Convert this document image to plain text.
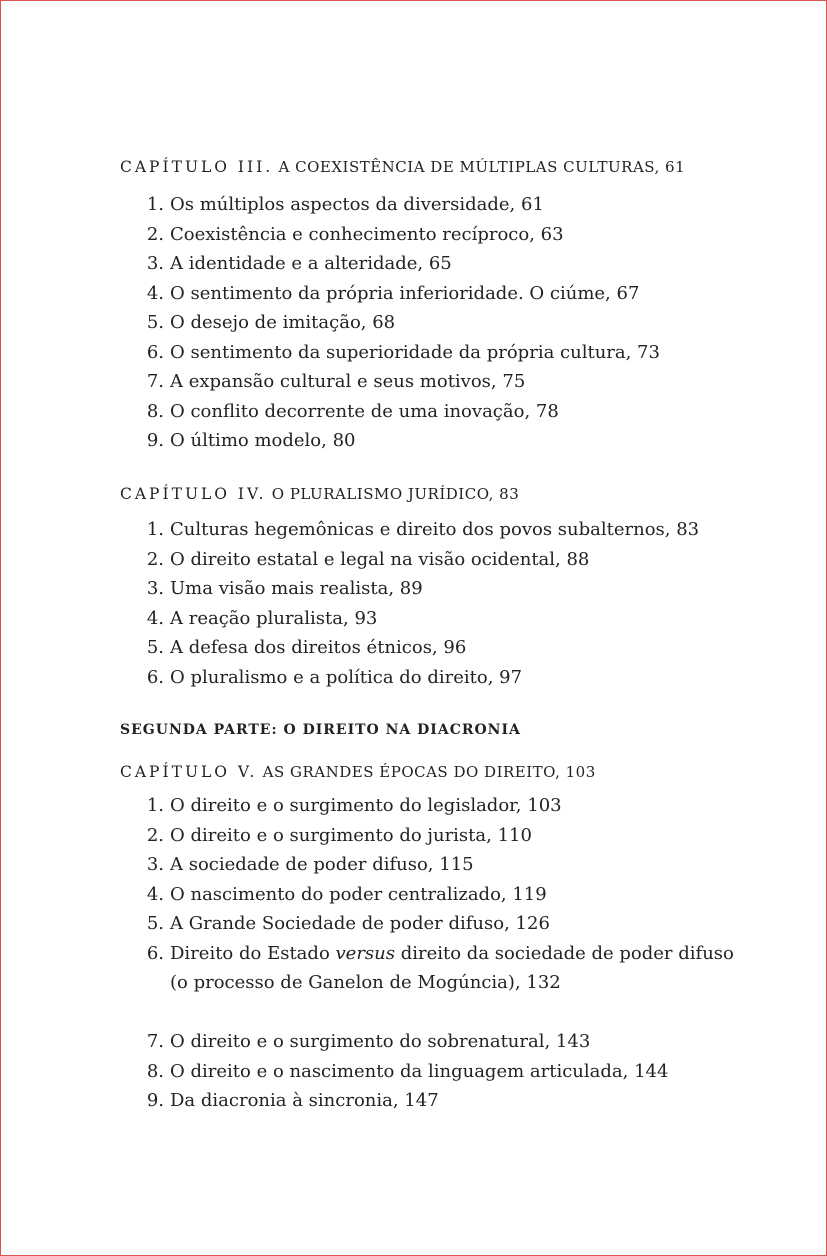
CAPÍTULO III. A COEXISTÊNCIA DE MÚLTIPLAS CULTURAS, 61
1. Os múltiplos aspectos da diversidade, 61
2. Coexistência e conhecimento recíproco, 63
3. A identidade e a alteridade, 65
4. O sentimento da própria inferioridade. O ciúme, 67
5. O desejo de imitação, 68
6. O sentimento da superioridade da própria cultura, 73
7. A expansão cultural e seus motivos, 75
8. O conflito decorrente de uma inovação, 78
9. O último modelo, 80
CAPÍTULO IV. O PLURALISMO JURÍDICO, 83
1. Culturas hegemônicas e direito dos povos subalternos, 83
2. O direito estatal e legal na visão ocidental, 88
3. Uma visão mais realista, 89
4. A reação pluralista, 93
5. A defesa dos direitos étnicos, 96
6. O pluralismo e a política do direito, 97
SEGUNDA PARTE: O DIREITO NA DIACRONIA
CAPÍTULO V. AS GRANDES ÉPOCAS DO DIREITO, 103
1. O direito e o surgimento do legislador, 103
2. O direito e o surgimento do jurista, 110
3. A sociedade de poder difuso, 115
4. O nascimento do poder centralizado, 119
5. A Grande Sociedade de poder difuso, 126
6. Direito do Estado versus direito da sociedade de poder difuso
(o processo de Ganelon de Mogúncia), 132
7. O direito e o surgimento do sobrenatural, 143
8. O direito e o nascimento da linguagem articulada, 144
9. Da diacronia à sincronia, 147
